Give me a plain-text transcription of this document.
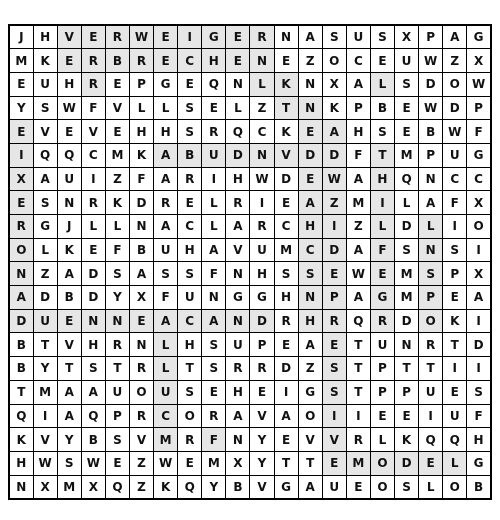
J	H	V	E	R	W	E	I	G	E	R	N	A	S	U	S	X	P	A	G
M	K	E	R	B	R	E	C	H	E	N	E	Z	O	C	E	U	W	Z	X
E	U	H	R	E	P	G	E	Q	N	L	K	N	X	A	L	S	D	O	W
Y	S	W	F	V	L	L	S	E	L	Z	T	N	K	P	B	E	W	D	P
E	V	E	V	E	H	H	S	R	Q	C	K	E	A	H	S	E	B	W	F
I	Q	Q	C	M	K	A	B	U	D	N	V	D	D	F	T	M	P	U	G
X	A	U	I	Z	F	A	R	I	H	W	D	E	W	A	H	Q	N	C	C
E	S	N	R	K	D	R	E	L	R	I	E	A	Z	M	I	L	A	F	X
R	G	J	L	L	N	A	C	L	A	R	C	H	I	Z	L	D	L	I	O
O	L	K	E	F	B	U	H	A	V	U	M	C	D	A	F	S	N	S	I
N	Z	A	D	S	A	S	S	F	N	H	S	S	E	W	E	M	S	P	X
A	D	B	D	Y	X	F	U	N	G	G	H	N	P	A	G	M	P	E	A
D	U	E	N	N	E	A	C	A	N	D	R	H	R	Q	R	D	O	K	I
B	T	V	H	R	N	L	H	S	U	P	E	A	E	T	U	N	R	T	D
B	Y	T	S	T	R	L	T	S	R	R	D	Z	S	T	P	T	T	I	I
T	M	A	A	U	O	U	S	E	H	E	I	G	S	T	P	P	U	E	S
Q	I	A	Q	P	R	C	O	R	A	V	A	O	I	I	E	E	I	U	F
K	V	Y	B	S	V	M	R	F	N	Y	E	V	V	R	L	K	Q	Q	H
H	W	S	W	E	Z	W	E	M	X	Y	T	T	E	M	O	D	E	L	G
N	X	M	X	Q	Z	K	Q	Y	B	V	G	A	U	E	O	S	L	O	B
